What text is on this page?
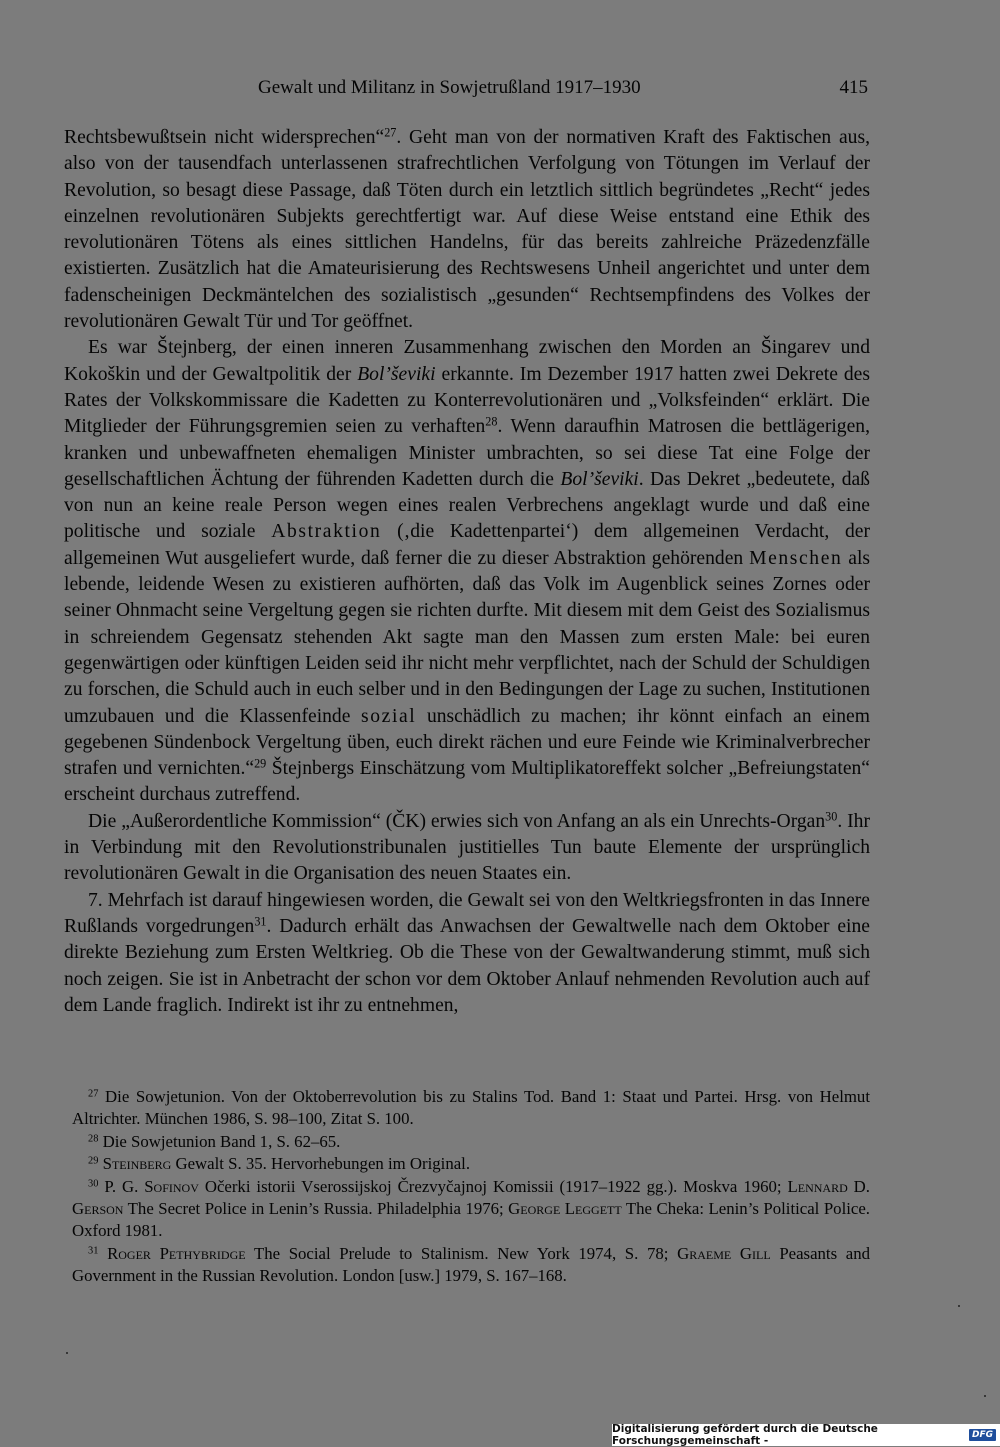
Gewalt und Militanz in Sowjetrußland 1917–1930	415

Rechtsbewußtsein nicht widersprechen“$^{27}$. Geht man von der normativen Kraft des Faktischen aus, also von der tausendfach unterlassenen strafrechtlichen Verfolgung von Tötungen im Verlauf der Revolution, so besagt diese Passage, daß Töten durch ein letztlich sittlich begründetes „Recht“ jedes einzelnen revolutionären Subjekts gerechtfertigt war. Auf diese Weise entstand eine Ethik des revolutionären Tötens als eines sittlichen Handelns, für das bereits zahlreiche Präzedenzfälle existierten. Zusätzlich hat die Amateurisierung des Rechtswesens Unheil angerichtet und unter dem fadenscheinigen Deckmäntelchen des sozialistisch „gesunden“ Rechtsempfindens des Volkes der revolutionären Gewalt Tür und Tor geöffnet.

Es war Štejnberg, der einen inneren Zusammenhang zwischen den Morden an Šingarev und Kokoškin und der Gewaltpolitik der Bol’ševiki erkannte. Im Dezember 1917 hatten zwei Dekrete des Rates der Volkskommissare die Kadetten zu Konterrevolutionären und „Volksfeinden“ erklärt. Die Mitglieder der Führungsgremien seien zu verhaften$^{28}$. Wenn daraufhin Matrosen die bettlägerigen, kranken und unbewaffneten ehemaligen Minister umbrachten, so sei diese Tat eine Folge der gesellschaftlichen Ächtung der führenden Kadetten durch die Bol’ševiki. Das Dekret „bedeutete, daß von nun an keine reale Person wegen eines realen Verbrechens angeklagt wurde und daß eine politische und soziale Abstraktion (‚die Kadettenpartei‘) dem allgemeinen Verdacht, der allgemeinen Wut ausgeliefert wurde, daß ferner die zu dieser Abstraktion gehörenden Menschen als lebende, leidende Wesen zu existieren aufhörten, daß das Volk im Augenblick seines Zornes oder seiner Ohnmacht seine Vergeltung gegen sie richten durfte. Mit diesem mit dem Geist des Sozialismus in schreiendem Gegensatz stehenden Akt sagte man den Massen zum ersten Male: bei euren gegenwärtigen oder künftigen Leiden seid ihr nicht mehr verpflichtet, nach der Schuld der Schuldigen zu forschen, die Schuld auch in euch selber und in den Bedingungen der Lage zu suchen, Institutionen umzubauen und die Klassenfeinde sozial unschädlich zu machen; ihr könnt einfach an einem gegebenen Sündenbock Vergeltung üben, euch direkt rächen und eure Feinde wie Kriminalverbrecher strafen und vernichten.“$^{29}$ Štejnbergs Einschätzung vom Multiplikatoreffekt solcher „Befreiungstaten“ erscheint durchaus zutreffend.

Die „Außerordentliche Kommission“ (ČK) erwies sich von Anfang an als ein Unrechts-Organ$^{30}$. Ihr in Verbindung mit den Revolutionstribunalen justitielles Tun baute Elemente der ursprünglich revolutionären Gewalt in die Organisation des neuen Staates ein.

7. Mehrfach ist darauf hingewiesen worden, die Gewalt sei von den Weltkriegsfronten in das Innere Rußlands vorgedrungen$^{31}$. Dadurch erhält das Anwachsen der Gewaltwelle nach dem Oktober eine direkte Beziehung zum Ersten Weltkrieg. Ob die These von der Gewaltwanderung stimmt, muß sich noch zeigen. Sie ist in Anbetracht der schon vor dem Oktober Anlauf nehmenden Revolution auch auf dem Lande fraglich. Indirekt ist ihr zu entnehmen,

$^{27}$ Die Sowjetunion. Von der Oktoberrevolution bis zu Stalins Tod. Band 1: Staat und Partei. Hrsg. von Helmut Altrichter. München 1986, S. 98–100, Zitat S. 100.

$^{28}$ Die Sowjetunion Band 1, S. 62–65.

$^{29}$ Steinberg Gewalt S. 35. Hervorhebungen im Original.

$^{30}$ P. G. Sofinov Očerki istorii Vserossijskoj Črezvyčajnoj Komissii (1917–1922 gg.). Moskva 1960; Lennard D. Gerson The Secret Police in Lenin’s Russia. Philadelphia 1976; George Leggett The Cheka: Lenin’s Political Police. Oxford 1981.

$^{31}$ Roger Pethybridge The Social Prelude to Stalinism. New York 1974, S. 78; Graeme Gill Peasants and Government in the Russian Revolution. London [usw.] 1979, S. 167–168.

Digitalisierung gefördert durch die Deutsche Forschungsgemeinschaft -	DFG
